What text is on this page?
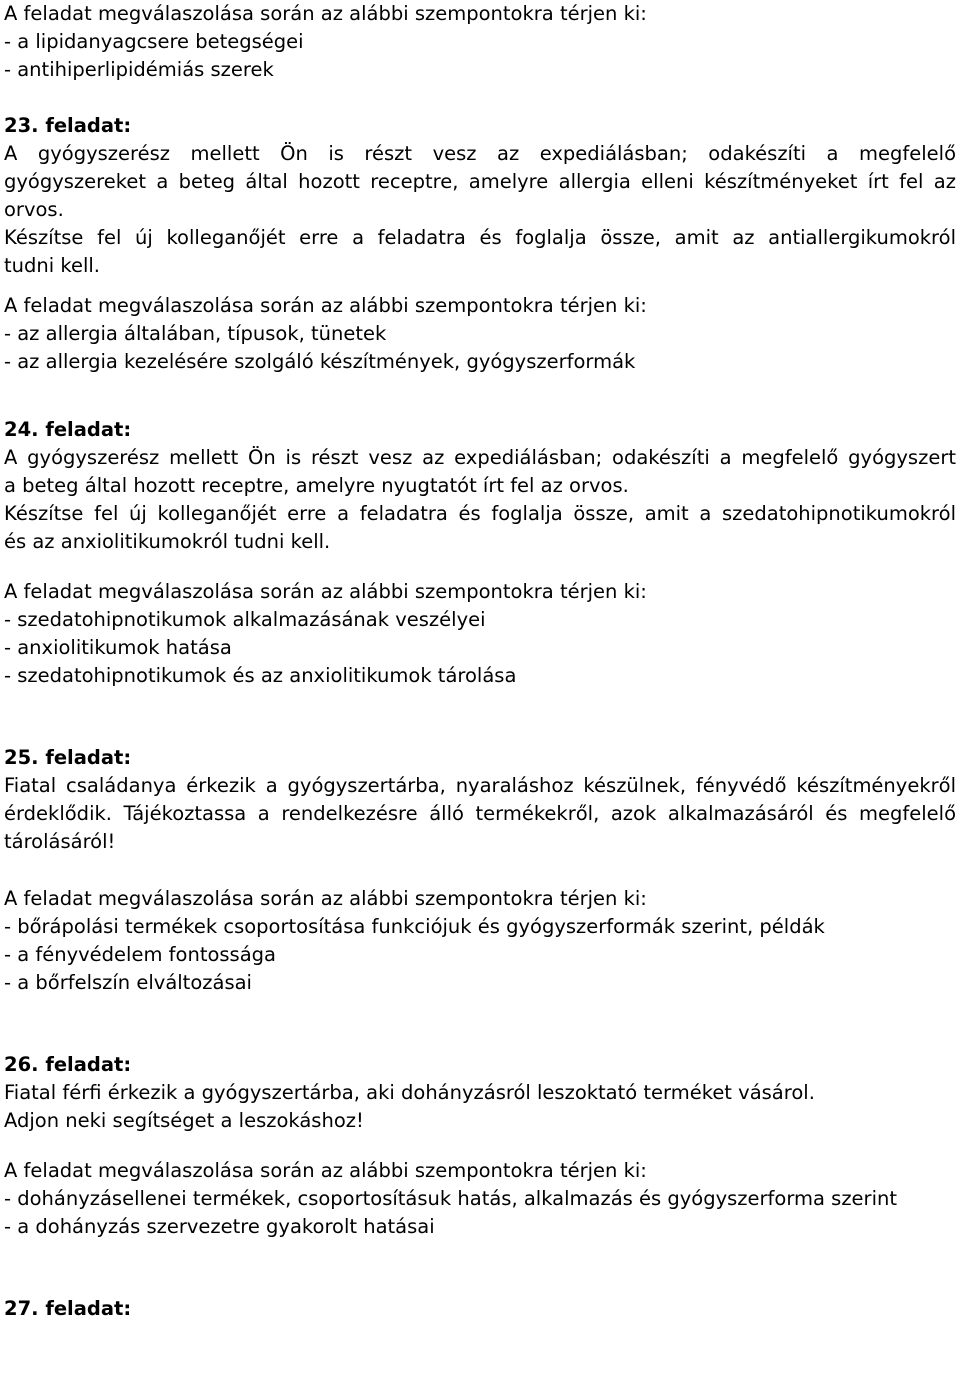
A feladat megválaszolása során az alábbi szempontokra térjen ki:

- a lipidanyagcsere betegségei

- antihiperlipidémiás szerek

23. feladat:

A gyógyszerész mellett Ön is részt vesz az expediálásban; odakészíti a megfelelő

gyógyszereket a beteg által hozott receptre, amelyre allergia elleni készítményeket írt fel az

orvos.

Készítse fel új kolleganőjét erre a feladatra és foglalja össze, amit az antiallergikumokról

tudni kell.

A feladat megválaszolása során az alábbi szempontokra térjen ki:

- az allergia általában, típusok, tünetek

- az allergia kezelésére szolgáló készítmények, gyógyszerformák

24. feladat:

A gyógyszerész mellett Ön is részt vesz az expediálásban; odakészíti a megfelelő gyógyszert

a beteg által hozott receptre, amelyre nyugtatót írt fel az orvos.

Készítse fel új kolleganőjét erre a feladatra és foglalja össze, amit a szedatohipnotikumokról

és az anxiolitikumokról tudni kell.

A feladat megválaszolása során az alábbi szempontokra térjen ki:

- szedatohipnotikumok alkalmazásának veszélyei

- anxiolitikumok hatása

- szedatohipnotikumok és az anxiolitikumok tárolása

25. feladat:

Fiatal családanya érkezik a gyógyszertárba, nyaraláshoz készülnek, fényvédő készítményekről

érdeklődik. Tájékoztassa a rendelkezésre álló termékekről, azok alkalmazásáról és megfelelő

tárolásáról!

A feladat megválaszolása során az alábbi szempontokra térjen ki:

- bőrápolási termékek csoportosítása funkciójuk és gyógyszerformák szerint, példák

- a fényvédelem fontossága

- a bőrfelszín elváltozásai

26. feladat:

Fiatal férfi érkezik a gyógyszertárba, aki dohányzásról leszoktató terméket vásárol.

Adjon neki segítséget a leszokáshoz!

A feladat megválaszolása során az alábbi szempontokra térjen ki:

- dohányzásellenei termékek, csoportosításuk hatás, alkalmazás és gyógyszerforma szerint

- a dohányzás szervezetre gyakorolt hatásai

27. feladat:
